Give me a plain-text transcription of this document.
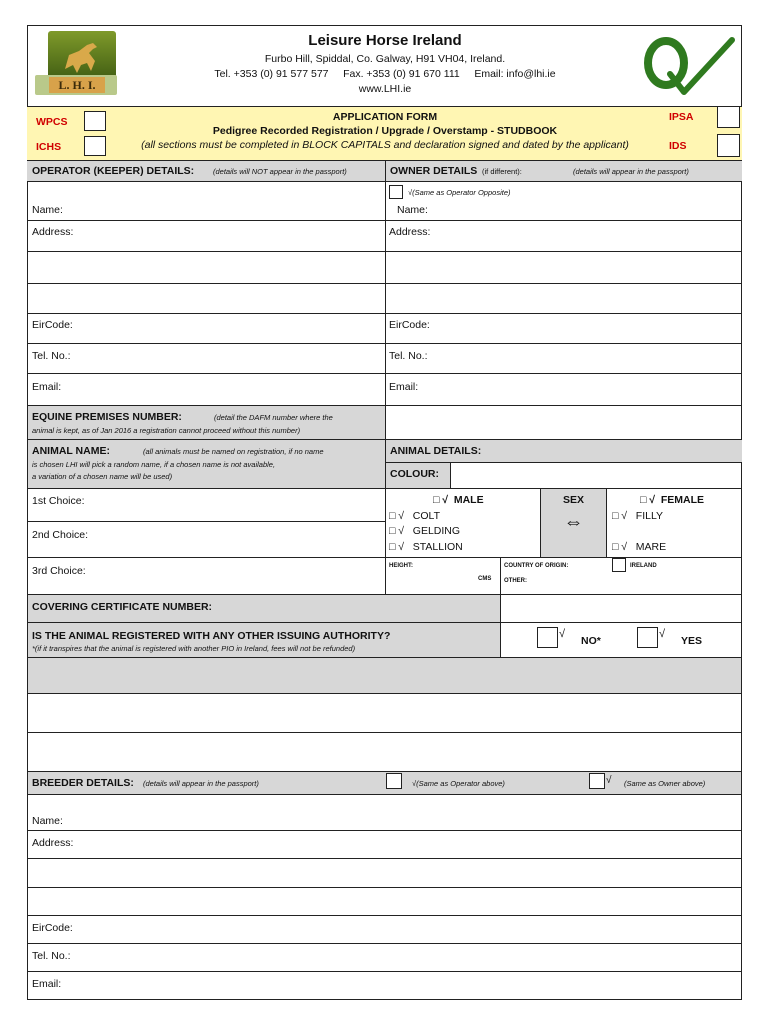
L. H. I.
Leisure Horse Ireland
Furbo Hill, Spiddal, Co. Galway, H91 VH04, Ireland.
Tel. +353 (0) 91 577 577     Fax. +353 (0) 91 670 111     Email: info@lhi.ie
www.LHI.ie
WPCS
ICHS
APPLICATION FORM
Pedigree Recorded Registration / Upgrade / Overstamp - STUDBOOK
(all sections must be completed in BLOCK CAPITALS and declaration signed and dated by the applicant)
IPSA
IDS
OPERATOR (KEEPER) DETAILS:	(details will NOT appear in the passport)	OWNER DETAILS (if different):	(details will appear in the passport)
√(Same as Operator Opposite)
Name:	Name:
Address:	Address:
EirCode:	EirCode:
Tel. No.:	Tel. No.:
Email:	Email:
EQUINE PREMISES NUMBER:	(detail the DAFM number where the
animal is kept, as of Jan 2016 a registration cannot proceed without this number)
ANIMAL NAME:	(all animals must be named on registration, if no name
is chosen LHI will pick a random name, if a chosen name is not available,
a variation of a chosen name will be used)
ANIMAL DETAILS:
COLOUR:
1st Choice:
2nd Choice:
3rd Choice:
SEX
⇔
□ √  MALE
□ √   COLT
□ √   GELDING
□ √   STALLION
□ √  FEMALE
□ √   FILLY
□ √   MARE
HEIGHT:
CMS
COUNTRY OF ORIGIN:	IRELAND
OTHER:
COVERING CERTIFICATE NUMBER:
IS THE ANIMAL REGISTERED WITH ANY OTHER ISSUING AUTHORITY?
*(if it transpires that the animal is registered with another PIO in Ireland, fees will not be refunded)
√
NO*
√
YES
BREEDER DETAILS: (details will appear in the passport)	√(Same as Operator above)	√ (Same as Owner above)
Name:
Address:
EirCode:
Tel. No.:
Email:
